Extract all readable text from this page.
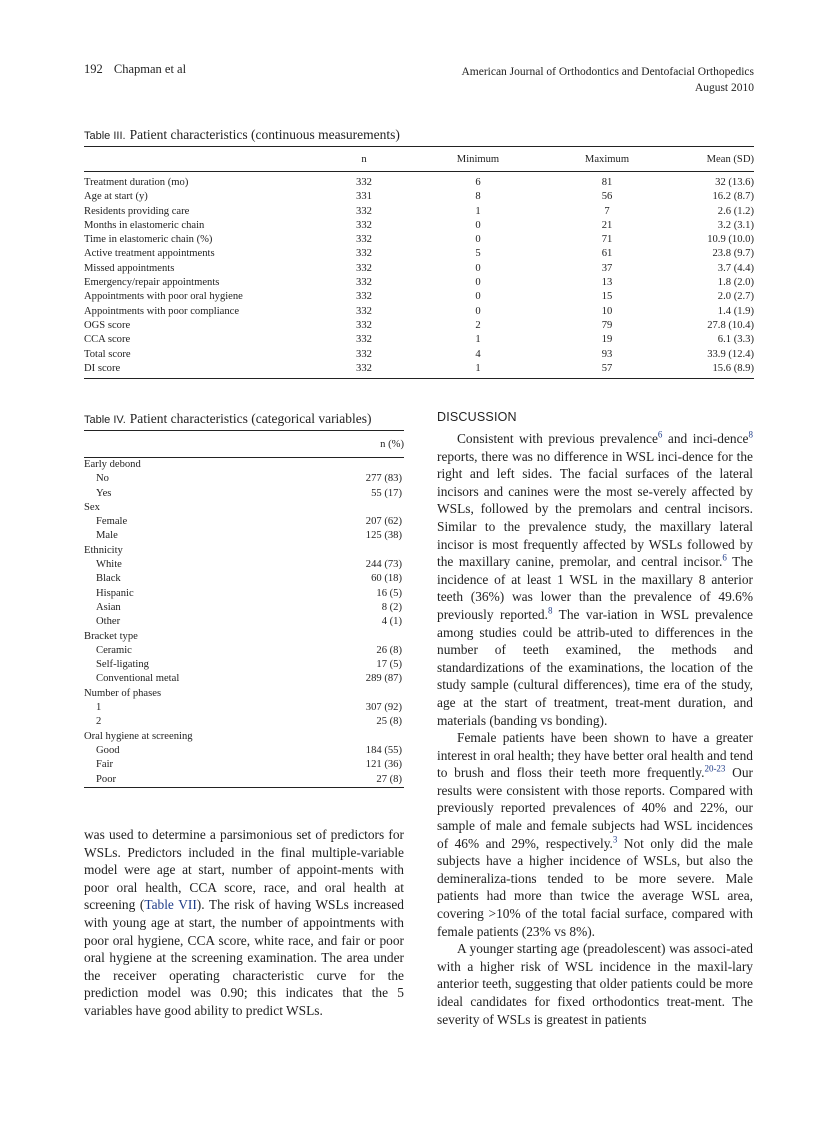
192 Chapman et al	American Journal of Orthodontics and Dentofacial Orthopedics
August 2010
Table III. Patient characteristics (continuous measurements)
	n	Minimum	Maximum	Mean (SD)
Treatment duration (mo)	332	6	81	32 (13.6)
Age at start (y)	331	8	56	16.2 (8.7)
Residents providing care	332	1	7	2.6 (1.2)
Months in elastomeric chain	332	0	21	3.2 (3.1)
Time in elastomeric chain (%)	332	0	71	10.9 (10.0)
Active treatment appointments	332	5	61	23.8 (9.7)
Missed appointments	332	0	37	3.7 (4.4)
Emergency/repair appointments	332	0	13	1.8 (2.0)
Appointments with poor oral hygiene	332	0	15	2.0 (2.7)
Appointments with poor compliance	332	0	10	1.4 (1.9)
OGS score	332	2	79	27.8 (10.4)
CCA score	332	1	19	6.1 (3.3)
Total score	332	4	93	33.9 (12.4)
DI score	332	1	57	15.6 (8.9)
Table IV. Patient characteristics (categorical variables)
	n (%)
Early debond	
No	277 (83)
Yes	55 (17)
Sex	
Female	207 (62)
Male	125 (38)
Ethnicity	
White	244 (73)
Black	60 (18)
Hispanic	16 (5)
Asian	8 (2)
Other	4 (1)
Bracket type	
Ceramic	26 (8)
Self-ligating	17 (5)
Conventional metal	289 (87)
Number of phases	
1	307 (92)
2	25 (8)
Oral hygiene at screening	
Good	184 (55)
Fair	121 (36)
Poor	27 (8)

was used to determine a parsimonious set of predictors for WSLs. Predictors included in the final multiple-variable model were age at start, number of appoint-ments with poor oral health, CCA score, race, and oral health at screening (Table VII). The risk of having WSLs increased with young age at start, the number of appointments with poor oral hygiene, CCA score, white race, and fair or poor oral hygiene at the screening examination. The area under the receiver operating characteristic curve for the prediction model was 0.90; this indicates that the 5 variables have good ability to predict WSLs.

DISCUSSION

Consistent with previous prevalence$^6$ and inci-dence$^8$ reports, there was no difference in WSL inci-dence for the right and left sides. The facial surfaces of the lateral incisors and canines were the most se-verely affected by WSLs, followed by the premolars and central incisors. Similar to the prevalence study, the maxillary lateral incisor is most frequently affected by WSLs followed by the maxillary canine, premolar, and central incisor.$^6$ The incidence of at least 1 WSL in the maxillary 8 anterior teeth (36%) was lower than the prevalence of 49.6% previously reported.$^8$ The var-iation in WSL prevalence among studies could be attrib-uted to differences in the number of teeth examined, the methods and standardizations of the examinations, the location of the study sample (cultural differences), time era of the study, age at the start of treatment, treat-ment duration, and materials (banding vs bonding).

Female patients have been shown to have a greater interest in oral health; they have better oral health and tend to brush and floss their teeth more frequently.$^{20-23}$ Our results were consistent with those reports. Compared with previously reported prevalences of 40% and 22%, our sample of male and female subjects had WSL incidences of 46% and 29%, respectively.$^3$ Not only did the male subjects have a higher incidence of WSLs, but also the demineraliza-tions tended to be more severe. Male patients had more than twice the average WSL area, covering >10% of the total facial surface, compared with female patients (23% vs 8%).

A younger starting age (preadolescent) was associ-ated with a higher risk of WSL incidence in the maxil-lary anterior teeth, suggesting that older patients could be more ideal candidates for fixed orthodontics treat-ment. The severity of WSLs is greatest in patients
